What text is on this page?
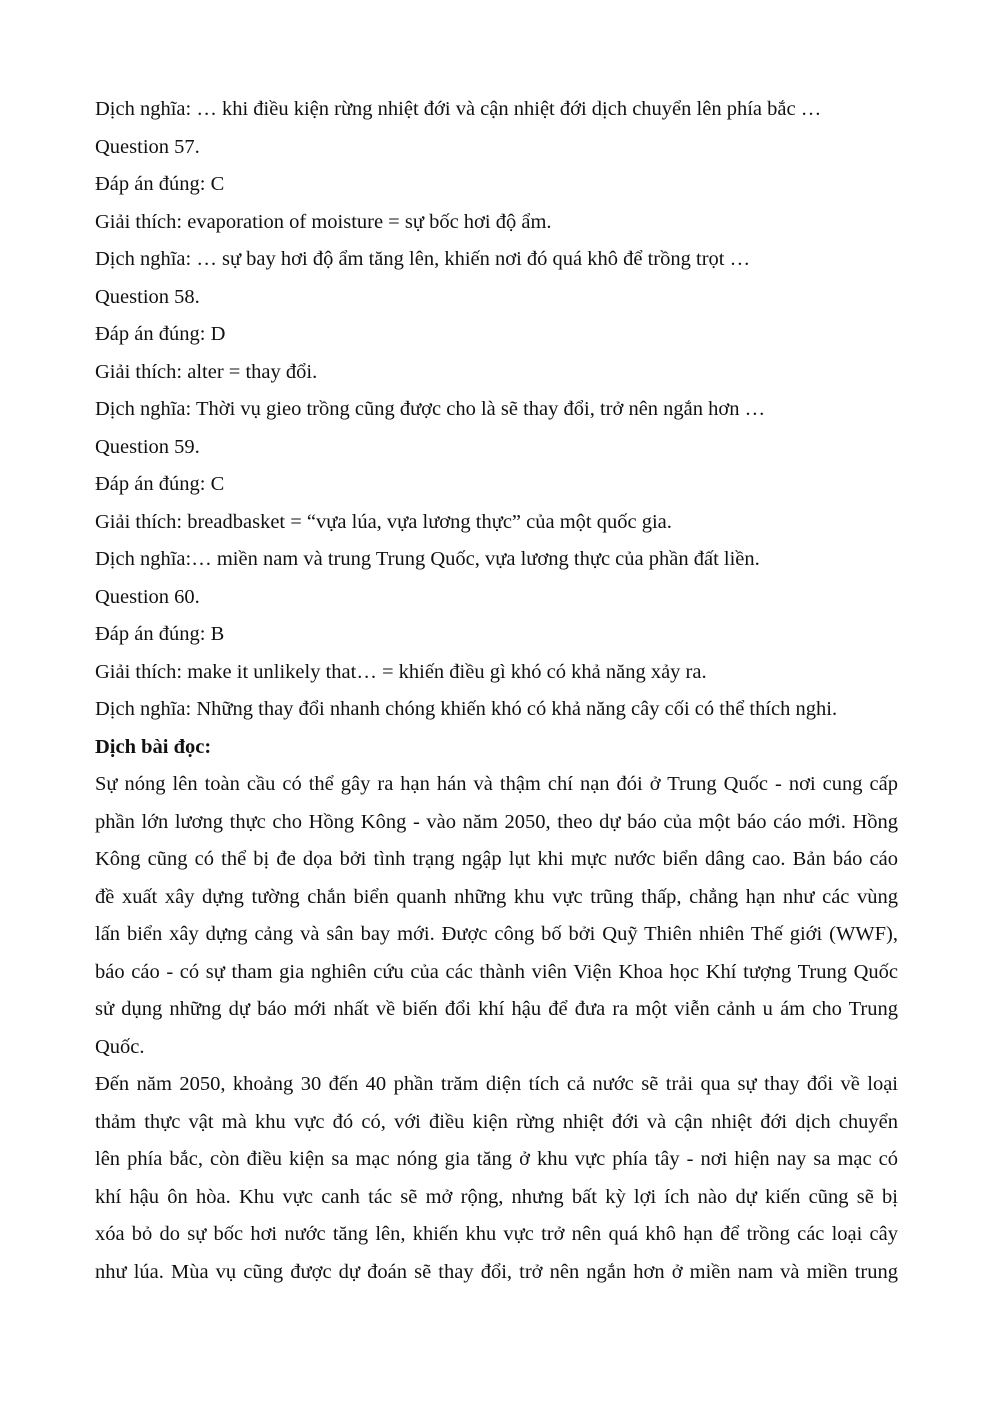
Dịch nghĩa: … khi điều kiện rừng nhiệt đới và cận nhiệt đới dịch chuyển lên phía bắc …

Question 57.

Đáp án đúng: C

Giải thích: evaporation of moisture = sự bốc hơi độ ẩm.

Dịch nghĩa: … sự bay hơi độ ẩm tăng lên, khiến nơi đó quá khô để trồng trọt …

Question 58.

Đáp án đúng: D

Giải thích: alter = thay đổi.

Dịch nghĩa: Thời vụ gieo trồng cũng được cho là sẽ thay đổi, trở nên ngắn hơn …

Question 59.

Đáp án đúng: C

Giải thích: breadbasket = “vựa lúa, vựa lương thực” của một quốc gia.

Dịch nghĩa:… miền nam và trung Trung Quốc, vựa lương thực của phần đất liền.

Question 60.

Đáp án đúng: B

Giải thích: make it unlikely that… = khiến điều gì khó có khả năng xảy ra.

Dịch nghĩa: Những thay đổi nhanh chóng khiến khó có khả năng cây cối có thể thích nghi.

Dịch bài đọc:

Sự nóng lên toàn cầu có thể gây ra hạn hán và thậm chí nạn đói ở Trung Quốc - nơi cung cấp
phần lớn lương thực cho Hồng Kông - vào năm 2050, theo dự báo của một báo cáo mới. Hồng
Kông cũng có thể bị đe dọa bởi tình trạng ngập lụt khi mực nước biển dâng cao. Bản báo cáo
đề xuất xây dựng tường chắn biển quanh những khu vực trũng thấp, chẳng hạn như các vùng
lấn biển xây dựng cảng và sân bay mới. Được công bố bởi Quỹ Thiên nhiên Thế giới (WWF),
báo cáo - có sự tham gia nghiên cứu của các thành viên Viện Khoa học Khí tượng Trung Quốc
sử dụng những dự báo mới nhất về biến đổi khí hậu để đưa ra một viễn cảnh u ám cho Trung
Quốc.
Đến năm 2050, khoảng 30 đến 40 phần trăm diện tích cả nước sẽ trải qua sự thay đổi về loại
thảm thực vật mà khu vực đó có, với điều kiện rừng nhiệt đới và cận nhiệt đới dịch chuyển
lên phía bắc, còn điều kiện sa mạc nóng gia tăng ở khu vực phía tây - nơi hiện nay sa mạc có
khí hậu ôn hòa. Khu vực canh tác sẽ mở rộng, nhưng bất kỳ lợi ích nào dự kiến cũng sẽ bị
xóa bỏ do sự bốc hơi nước tăng lên, khiến khu vực trở nên quá khô hạn để trồng các loại cây
như lúa. Mùa vụ cũng được dự đoán sẽ thay đổi, trở nên ngắn hơn ở miền nam và miền trung
